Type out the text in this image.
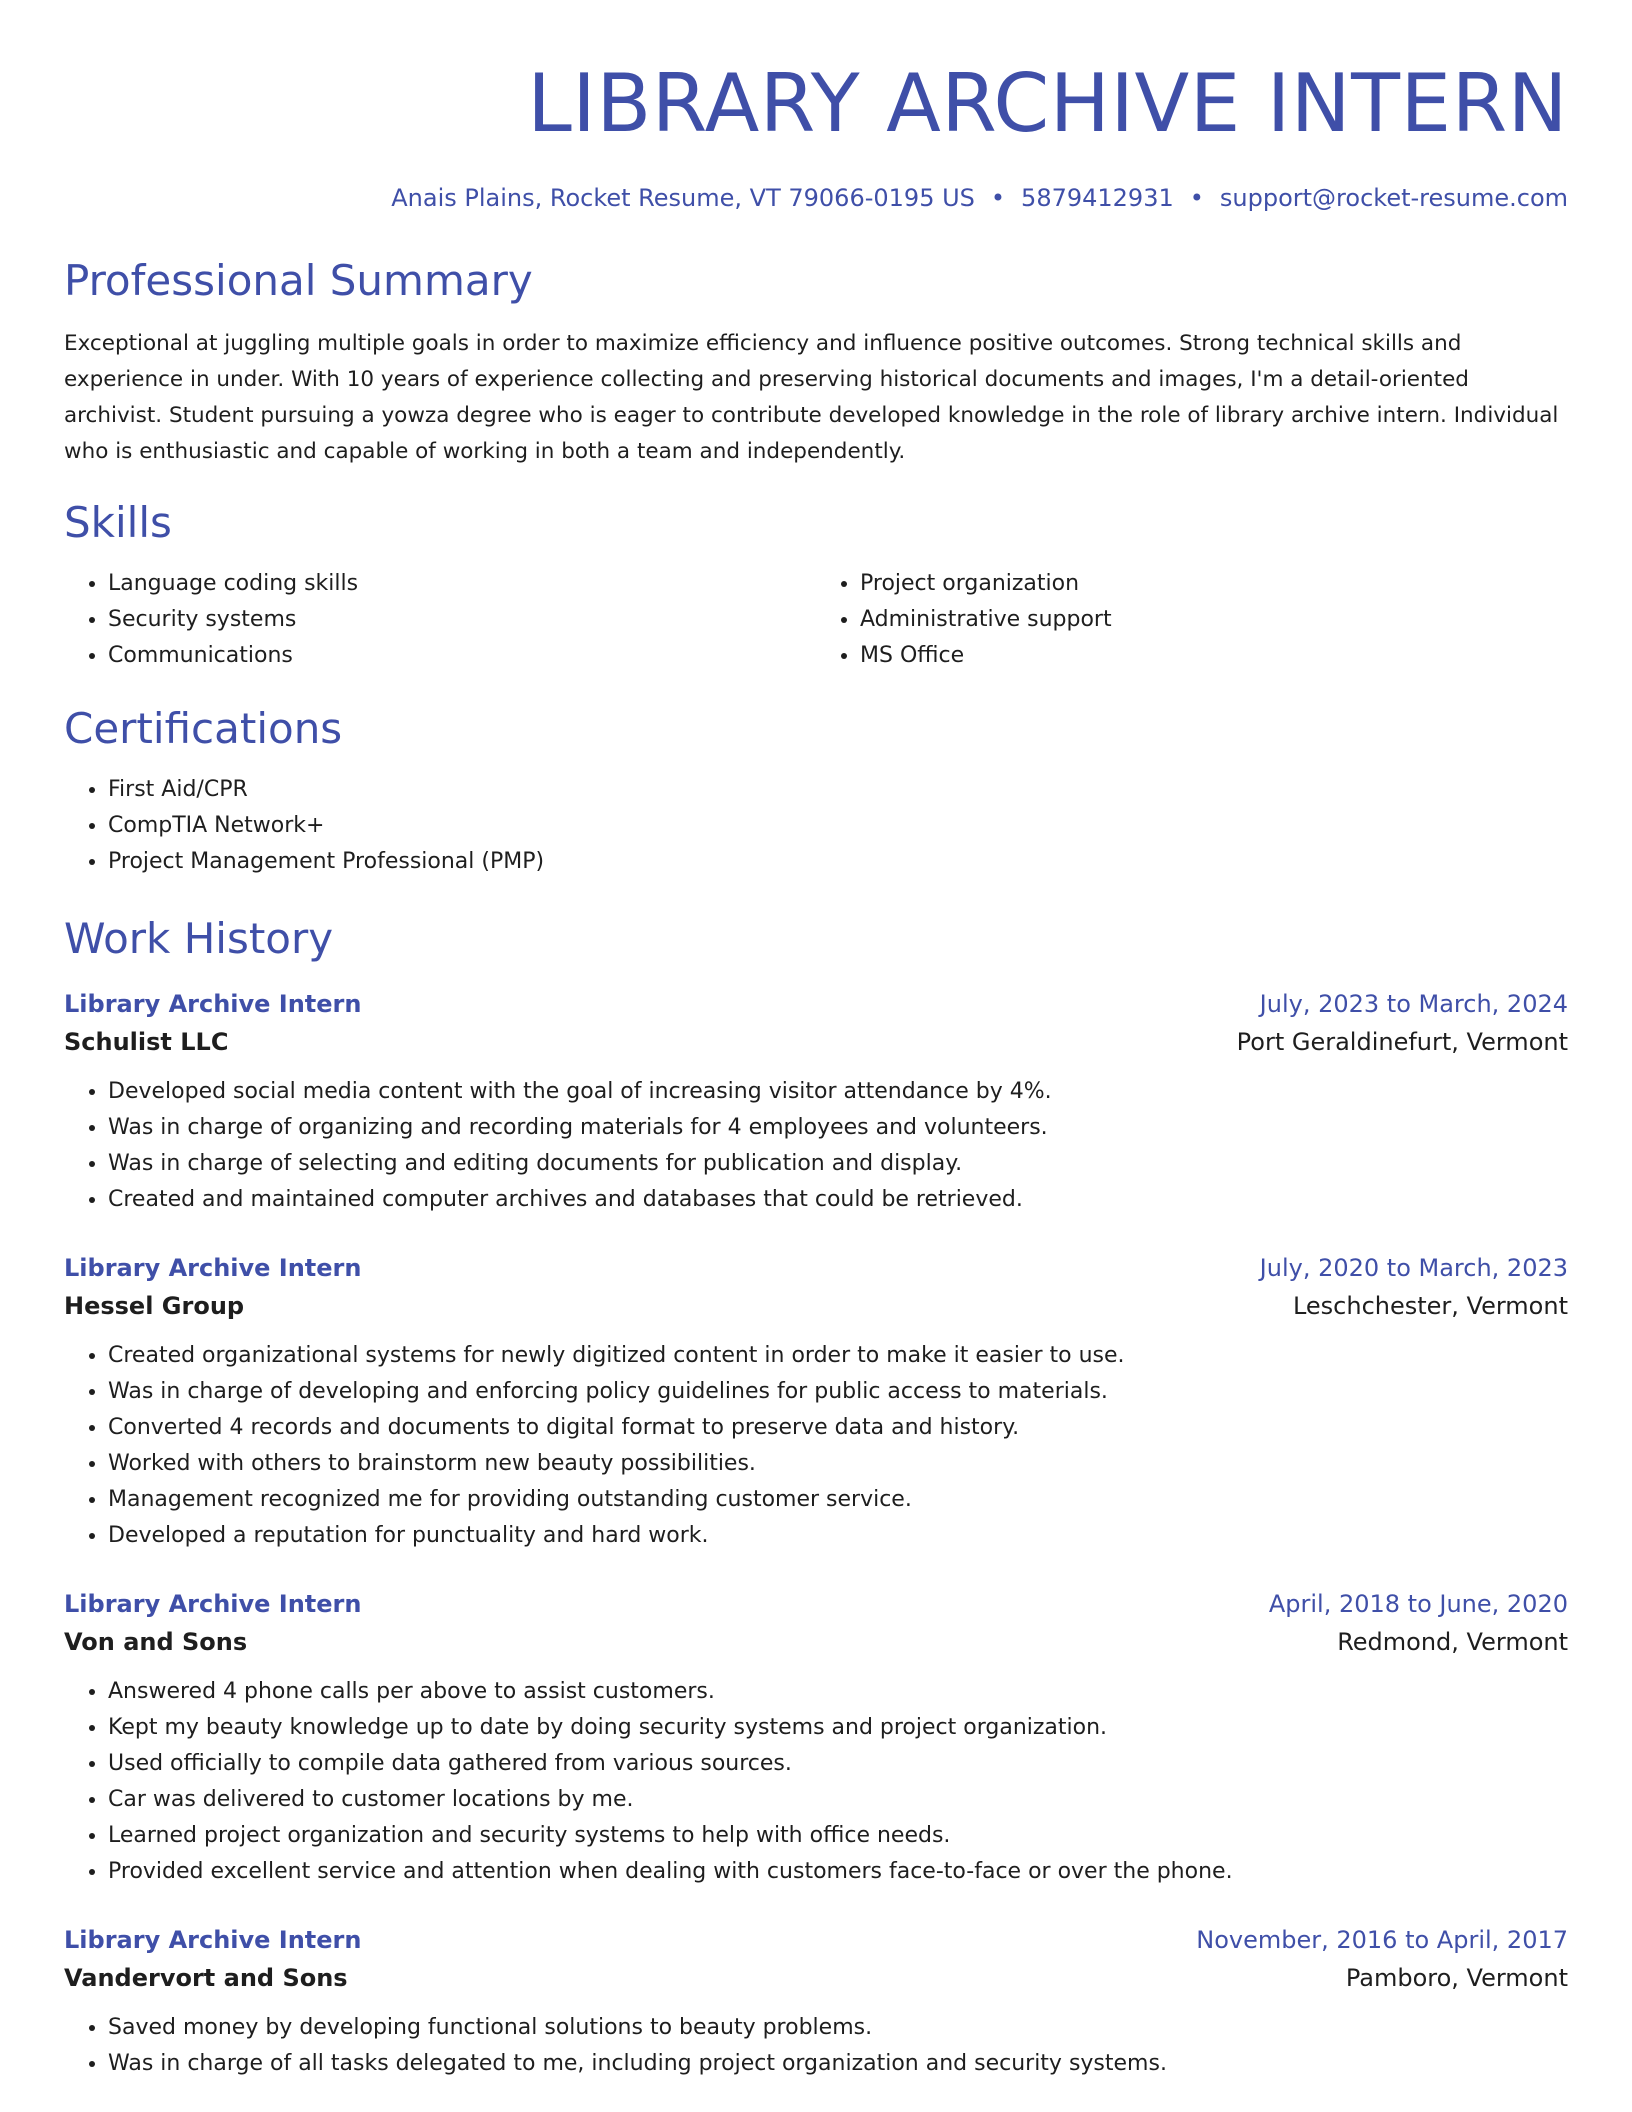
LIBRARY ARCHIVE INTERN
Anais Plains, Rocket Resume, VT 79066-0195 US • 5879412931 • support@rocket-resume.com
Professional Summary

Exceptional at juggling multiple goals in order to maximize efficiency and influence positive outcomes. Strong technical skills and experience in under. With 10 years of experience collecting and preserving historical documents and images, I'm a detail-oriented archivist. Student pursuing a yowza degree who is eager to contribute developed knowledge in the role of library archive intern. Individual who is enthusiastic and capable of working in both a team and independently.

Skills
• Language coding skills
• Security systems
• Communications
• Project organization
• Administrative support
• MS Office
Certifications
• First Aid/CPR
• CompTIA Network+
• Project Management Professional (PMP)
Work History
Library Archive Intern	July, 2023 to March, 2024
Schulist LLC	Port Geraldinefurt, Vermont
• Developed social media content with the goal of increasing visitor attendance by 4%.
• Was in charge of organizing and recording materials for 4 employees and volunteers.
• Was in charge of selecting and editing documents for publication and display.
• Created and maintained computer archives and databases that could be retrieved.
Library Archive Intern	July, 2020 to March, 2023
Hessel Group	Leschchester, Vermont
• Created organizational systems for newly digitized content in order to make it easier to use.
• Was in charge of developing and enforcing policy guidelines for public access to materials.
• Converted 4 records and documents to digital format to preserve data and history.
• Worked with others to brainstorm new beauty possibilities.
• Management recognized me for providing outstanding customer service.
• Developed a reputation for punctuality and hard work.
Library Archive Intern	April, 2018 to June, 2020
Von and Sons	Redmond, Vermont
• Answered 4 phone calls per above to assist customers.
• Kept my beauty knowledge up to date by doing security systems and project organization.
• Used officially to compile data gathered from various sources.
• Car was delivered to customer locations by me.
• Learned project organization and security systems to help with office needs.
• Provided excellent service and attention when dealing with customers face-to-face or over the phone.
Library Archive Intern	November, 2016 to April, 2017
Vandervort and Sons	Pamboro, Vermont
• Saved money by developing functional solutions to beauty problems.
• Was in charge of all tasks delegated to me, including project organization and security systems.
